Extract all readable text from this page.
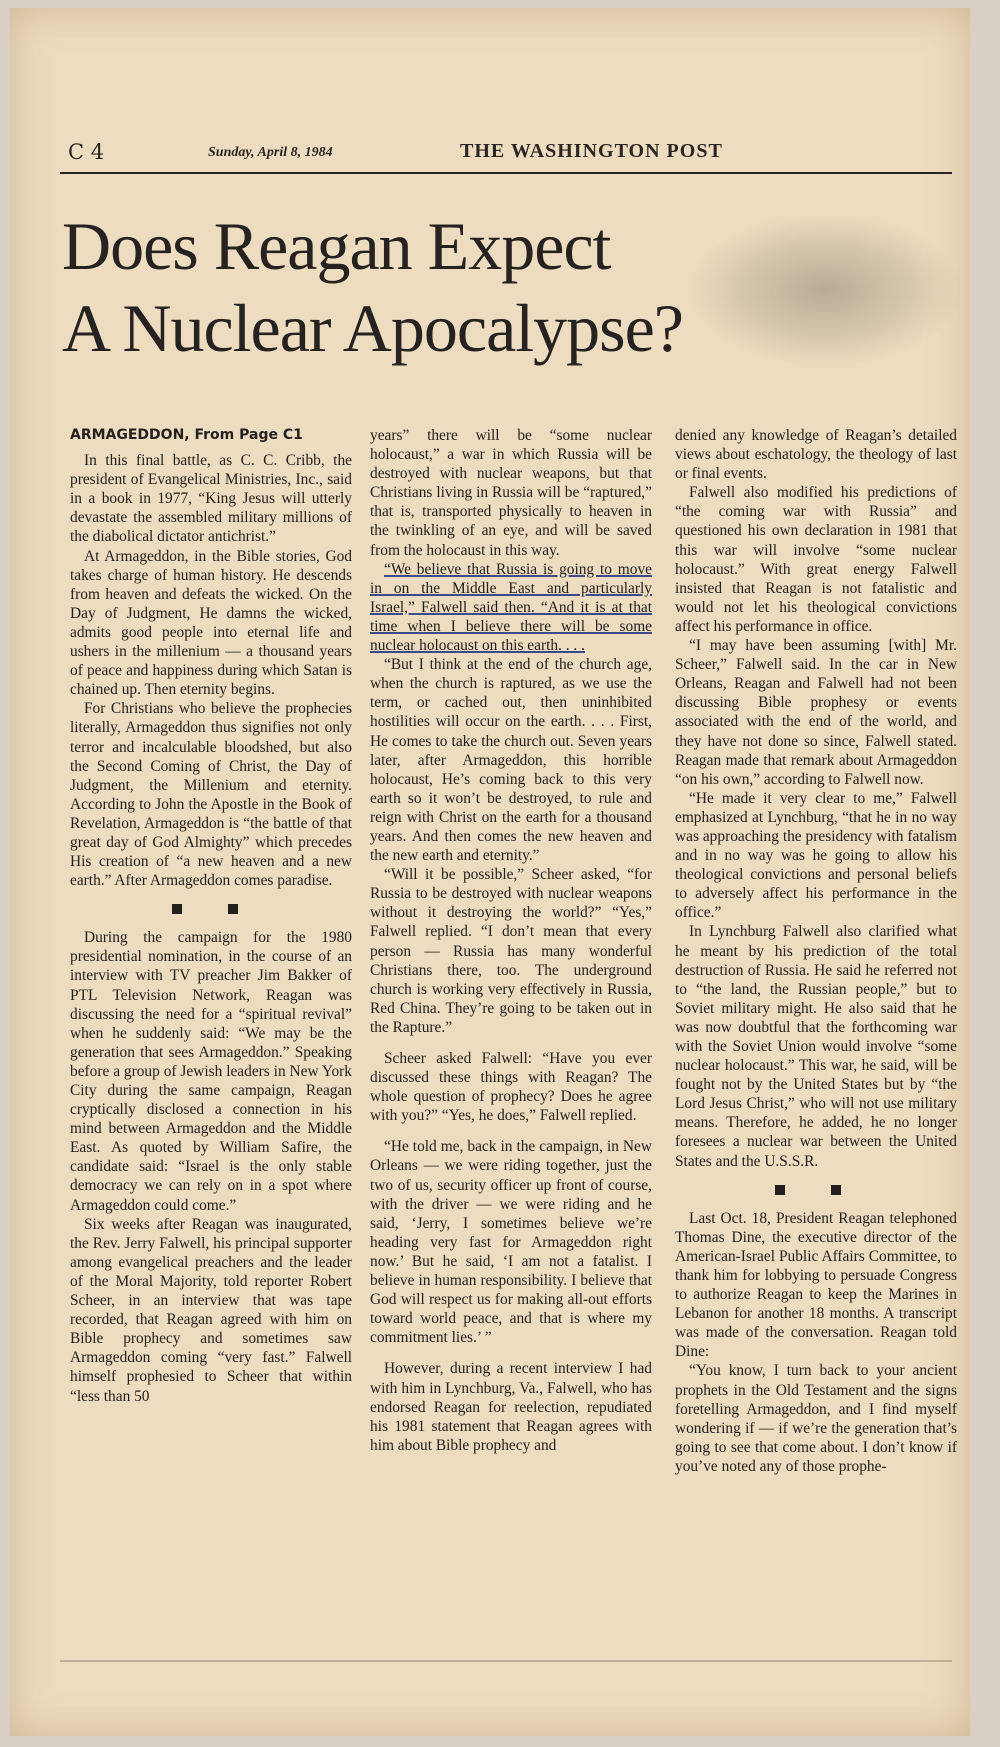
C 4	Sunday, April 8, 1984	THE WASHINGTON POST
Does Reagan Expect
A Nuclear Apocalypse?

ARMAGEDDON, From Page C1

In this final battle, as C. C. Cribb, the president of Evangelical Ministries, Inc., said in a book in 1977, “King Jesus will utterly devastate the assembled military millions of the diabolical dictator antichrist.”

At Armageddon, in the Bible stories, God takes charge of human history. He descends from heaven and defeats the wicked. On the Day of Judgment, He damns the wicked, admits good people into eternal life and ushers in the millenium — a thousand years of peace and happiness during which Satan is chained up. Then eternity begins.

For Christians who believe the prophecies literally, Armageddon thus signifies not only terror and incalculable bloodshed, but also the Second Coming of Christ, the Day of Judgment, the Millenium and eternity. According to John the Apostle in the Book of Revelation, Armageddon is “the battle of that great day of God Almighty” which precedes His creation of “a new heaven and a new earth.” After Armageddon comes paradise.

During the campaign for the 1980 presidential nomination, in the course of an interview with TV preacher Jim Bakker of PTL Television Network, Reagan was discussing the need for a “spiritual revival” when he suddenly said: “We may be the generation that sees Armageddon.” Speaking before a group of Jewish leaders in New York City during the same campaign, Reagan cryptically disclosed a connection in his mind between Armageddon and the Middle East. As quoted by William Safire, the candidate said: “Israel is the only stable democracy we can rely on in a spot where Armageddon could come.”

Six weeks after Reagan was inaugurated, the Rev. Jerry Falwell, his principal supporter among evangelical preachers and the leader of the Moral Majority, told reporter Robert Scheer, in an interview that was tape recorded, that Reagan agreed with him on Bible prophecy and sometimes saw Armageddon coming “very fast.” Falwell himself prophesied to Scheer that within “less than 50

years” there will be “some nuclear holocaust,” a war in which Russia will be destroyed with nuclear weapons, but that Christians living in Russia will be “raptured,” that is, transported physically to heaven in the twinkling of an eye, and will be saved from the holocaust in this way.

“We believe that Russia is going to move in on the Middle East and particularly Israel,” Falwell said then. “And it is at that time when I believe there will be some nuclear holocaust on this earth. . . .

“But I think at the end of the church age, when the church is raptured, as we use the term, or cached out, then uninhibited hostilities will occur on the earth. . . . First, He comes to take the church out. Seven years later, after Armageddon, this horrible holocaust, He’s coming back to this very earth so it won’t be destroyed, to rule and reign with Christ on the earth for a thousand years. And then comes the new heaven and the new earth and eternity.”

“Will it be possible,” Scheer asked, “for Russia to be destroyed with nuclear weapons without it destroying the world?” “Yes,” Falwell replied. “I don’t mean that every person — Russia has many wonderful Christians there, too. The underground church is working very effectively in Russia, Red China. They’re going to be taken out in the Rapture.”

Scheer asked Falwell: “Have you ever discussed these things with Reagan? The whole question of prophecy? Does he agree with you?” “Yes, he does,” Falwell replied.

“He told me, back in the campaign, in New Orleans — we were riding together, just the two of us, security officer up front of course, with the driver — we were riding and he said, ‘Jerry, I sometimes believe we’re heading very fast for Armageddon right now.’ But he said, ‘I am not a fatalist. I believe in human responsibility. I believe that God will respect us for making all-out efforts toward world peace, and that is where my commitment lies.’ ”

However, during a recent interview I had with him in Lynchburg, Va., Falwell, who has endorsed Reagan for reelection, repudiated his 1981 statement that Reagan agrees with him about Bible prophecy and

denied any knowledge of Reagan’s detailed views about eschatology, the theology of last or final events.

Falwell also modified his predictions of “the coming war with Russia” and questioned his own declaration in 1981 that this war will involve “some nuclear holocaust.” With great energy Falwell insisted that Reagan is not fatalistic and would not let his theological convictions affect his performance in office.

“I may have been assuming [with] Mr. Scheer,” Falwell said. In the car in New Orleans, Reagan and Falwell had not been discussing Bible prophesy or events associated with the end of the world, and they have not done so since, Falwell stated. Reagan made that remark about Armageddon “on his own,” according to Falwell now.

“He made it very clear to me,” Falwell emphasized at Lynchburg, “that he in no way was approaching the presidency with fatalism and in no way was he going to allow his theological convictions and personal beliefs to adversely affect his performance in the office.”

In Lynchburg Falwell also clarified what he meant by his prediction of the total destruction of Russia. He said he referred not to “the land, the Russian people,” but to Soviet military might. He also said that he was now doubtful that the forthcoming war with the Soviet Union would involve “some nuclear holocaust.” This war, he said, will be fought not by the United States but by “the Lord Jesus Christ,” who will not use military means. Therefore, he added, he no longer foresees a nuclear war between the United States and the U.S.S.R.

Last Oct. 18, President Reagan telephoned Thomas Dine, the executive director of the American-Israel Public Affairs Committee, to thank him for lobbying to persuade Congress to authorize Reagan to keep the Marines in Lebanon for another 18 months. A transcript was made of the conversation. Reagan told Dine:

“You know, I turn back to your ancient prophets in the Old Testament and the signs foretelling Armageddon, and I find myself wondering if — if we’re the generation that’s going to see that come about. I don’t know if you’ve noted any of those prophe-
